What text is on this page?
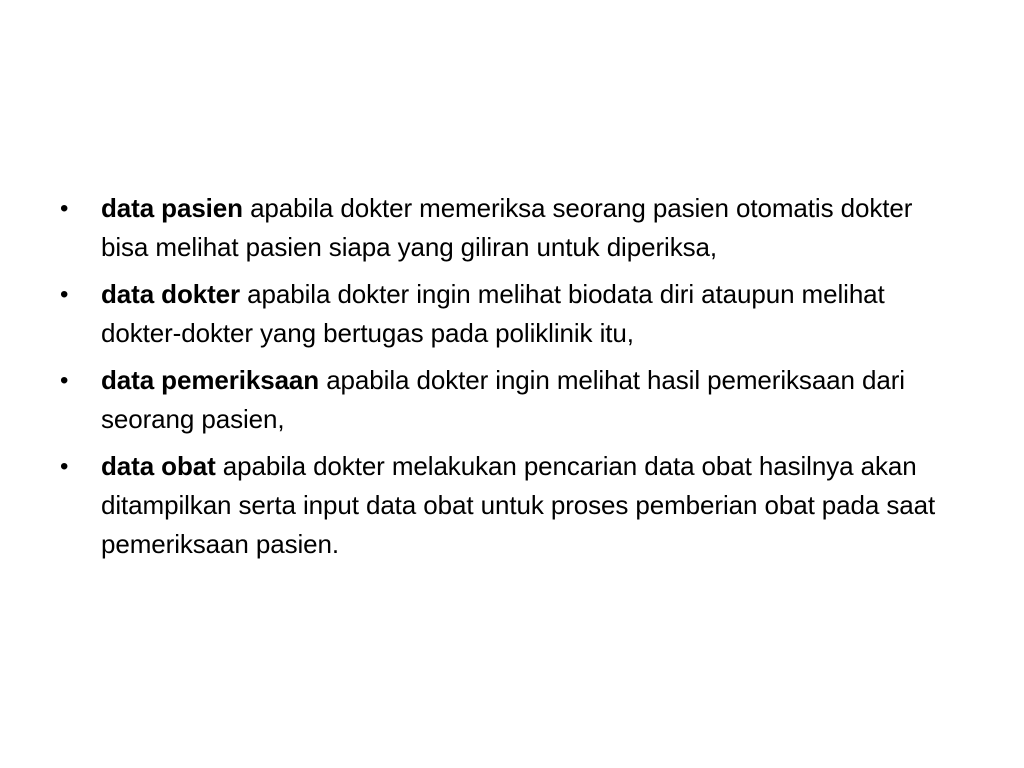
• data pasien apabila dokter memeriksa seorang pasien otomatis dokter bisa melihat pasien siapa yang giliran untuk diperiksa,
• data dokter apabila dokter ingin melihat biodata diri ataupun melihat dokter-dokter yang bertugas pada poliklinik itu,
• data pemeriksaan apabila dokter ingin melihat hasil pemeriksaan dari seorang pasien,
• data obat apabila dokter melakukan pencarian data obat hasilnya akan ditampilkan serta input data obat untuk proses pemberian obat pada saat pemeriksaan pasien.
